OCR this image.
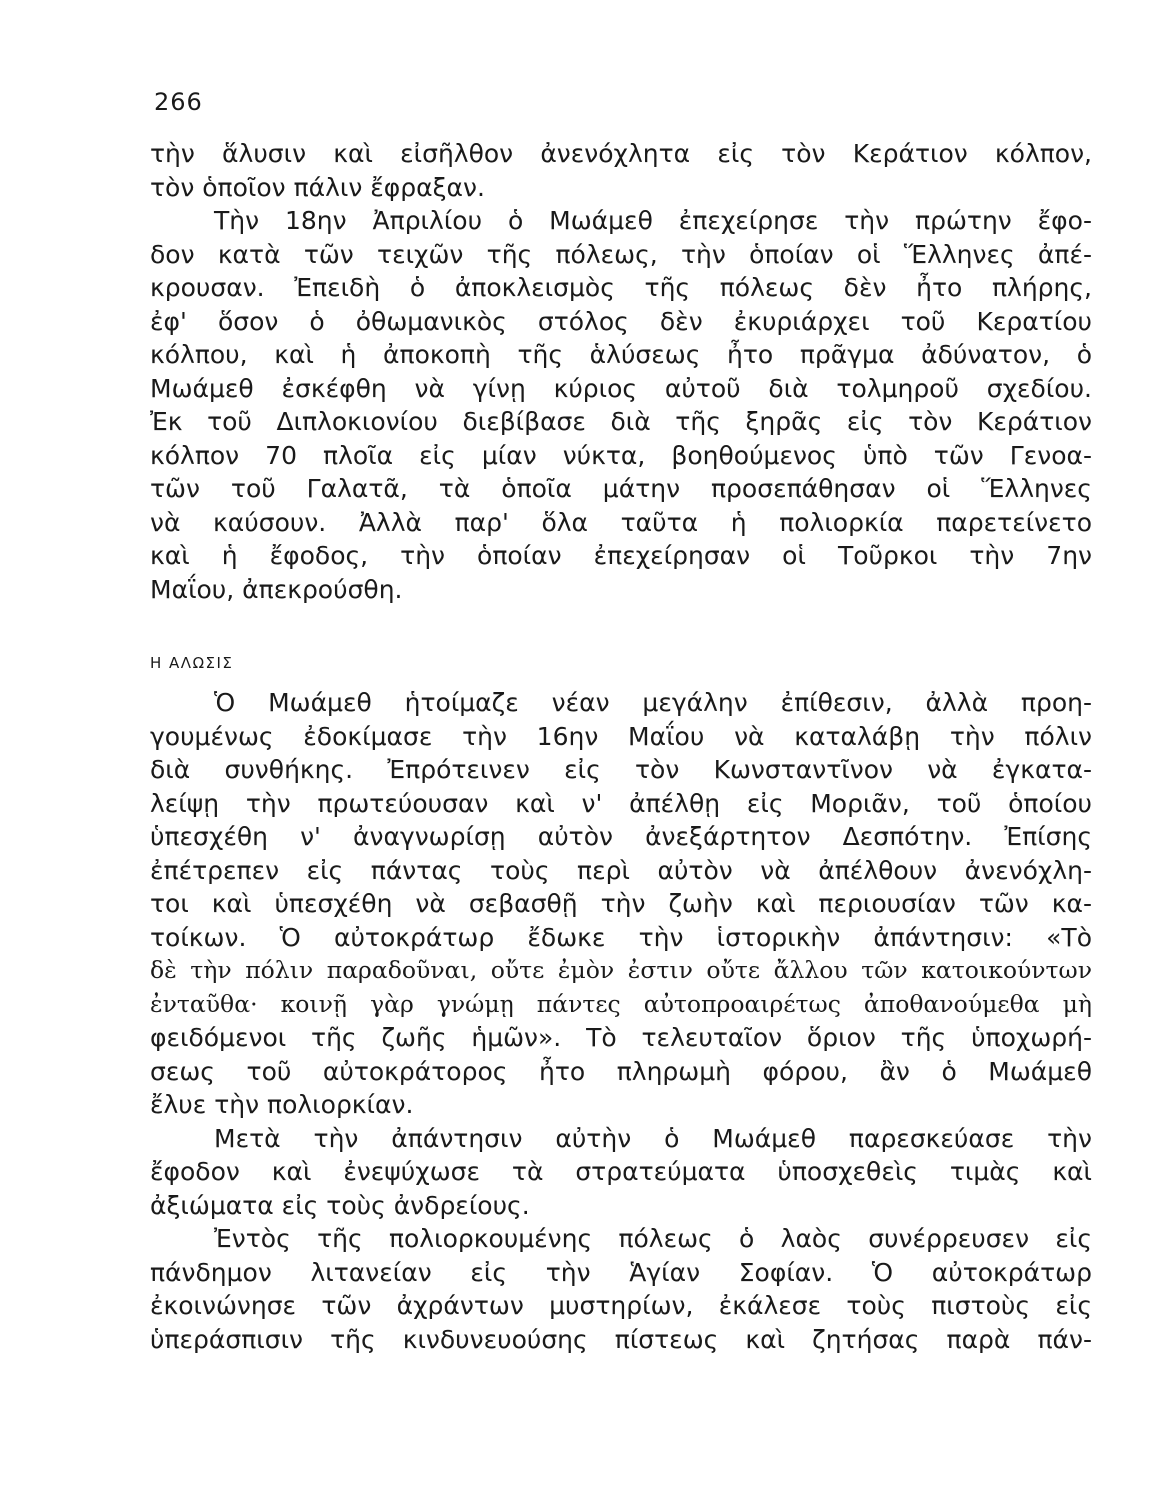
266
τὴν ἅλυσιν καὶ εἰσῆλθον ἀνενόχλητα εἰς τὸν Κεράτιον κόλπον,
τὸν ὁποῖον πάλιν ἔφραξαν.
Τὴν 18ην Ἀπριλίου ὁ Μωάμεθ ἐπεχείρησε τὴν πρώτην ἔφο-
δον κατὰ τῶν τειχῶν τῆς πόλεως, τὴν ὁποίαν οἱ Ἕλληνες ἀπέ-
κρουσαν. Ἐπειδὴ ὁ ἀποκλεισμὸς τῆς πόλεως δὲν ἦτο πλήρης,
ἐφ' ὅσον ὁ ὀθωμανικὸς στόλος δὲν ἐκυριάρχει τοῦ Κερατίου
κόλπου, καὶ ἡ ἀποκοπὴ τῆς ἁλύσεως ἦτο πρᾶγμα ἀδύνατον, ὁ
Μωάμεθ ἐσκέφθη νὰ γίνῃ κύριος αὐτοῦ διὰ τολμηροῦ σχεδίου.
Ἐκ τοῦ Διπλοκιονίου διεβίβασε διὰ τῆς ξηρᾶς εἰς τὸν Κεράτιον
κόλπον 70 πλοῖα εἰς μίαν νύκτα, βοηθούμενος ὑπὸ τῶν Γενοα-
τῶν τοῦ Γαλατᾶ, τὰ ὁποῖα μάτην προσεπάθησαν οἱ Ἕλληνες
νὰ καύσουν. Ἀλλὰ παρ' ὅλα ταῦτα ἡ πολιορκία παρετείνετο
καὶ ἡ ἔφοδος, τὴν ὁποίαν ἐπεχείρησαν οἱ Τοῦρκοι τὴν 7ην
Μαΐου, ἀπεκρούσθη.
Η ΑΛΩΣΙΣ
Ὁ Μωάμεθ ἡτοίμαζε νέαν μεγάλην ἐπίθεσιν, ἀλλὰ προη-
γουμένως ἐδοκίμασε τὴν 16ην Μαΐου νὰ καταλάβῃ τὴν πόλιν
διὰ συνθήκης. Ἐπρότεινεν εἰς τὸν Κωνσταντῖνον νὰ ἐγκατα-
λείψῃ τὴν πρωτεύουσαν καὶ ν' ἀπέλθῃ εἰς Μοριᾶν, τοῦ ὁποίου
ὑπεσχέθη ν' ἀναγνωρίσῃ αὐτὸν ἀνεξάρτητον Δεσπότην. Ἐπίσης
ἐπέτρεπεν εἰς πάντας τοὺς περὶ αὐτὸν νὰ ἀπέλθουν ἀνενόχλη-
τοι καὶ ὑπεσχέθη νὰ σεβασθῇ τὴν ζωὴν καὶ περιουσίαν τῶν κα-
τοίκων. Ὁ αὐτοκράτωρ ἔδωκε τὴν ἱστορικὴν ἀπάντησιν: «Τὸ
δὲ τὴν πόλιν παραδοῦναι, οὔτε ἐμὸν ἐστιν οὔτε ἄλλου τῶν κατοικούντων
ἐνταῦθα· κοινῇ γὰρ γνώμῃ πάντες αὐτοπροαιρέτως ἀποθανούμεθα μὴ
φειδόμενοι τῆς ζωῆς ἡμῶν». Τὸ τελευταῖον ὅριον τῆς ὑποχωρή-
σεως τοῦ αὐτοκράτορος ἦτο πληρωμὴ φόρου, ἂν ὁ Μωάμεθ
ἔλυε τὴν πολιορκίαν.
Μετὰ τὴν ἀπάντησιν αὐτὴν ὁ Μωάμεθ παρεσκεύασε τὴν
ἔφοδον καὶ ἐνεψύχωσε τὰ στρατεύματα ὑποσχεθεὶς τιμὰς καὶ
ἀξιώματα εἰς τοὺς ἀνδρείους.
Ἐντὸς τῆς πολιορκουμένης πόλεως ὁ λαὸς συνέρρευσεν εἰς
πάνδημον λιτανείαν εἰς τὴν Ἁγίαν Σοφίαν. Ὁ αὐτοκράτωρ
ἐκοινώνησε τῶν ἀχράντων μυστηρίων, ἐκάλεσε τοὺς πιστοὺς εἰς
ὑπεράσπισιν τῆς κινδυνευούσης πίστεως καὶ ζητήσας παρὰ πάν-
